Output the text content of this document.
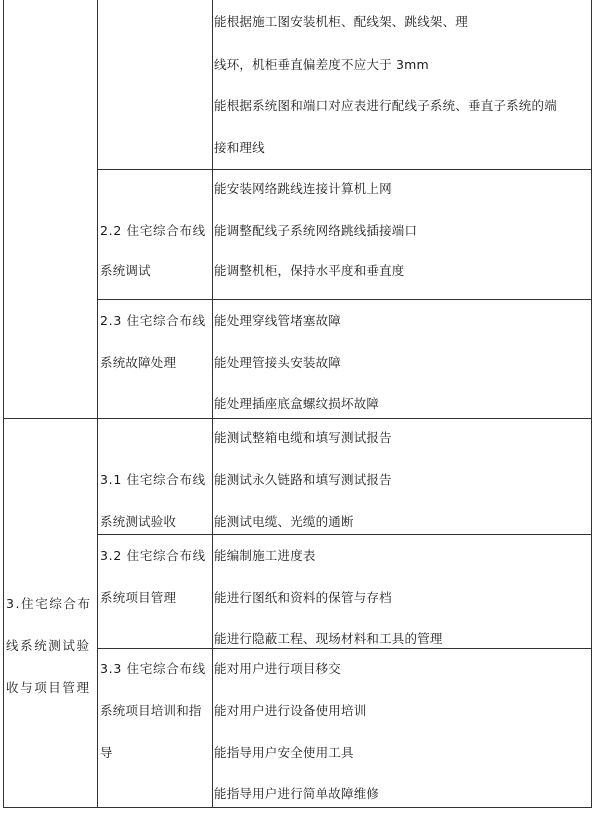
能根据施工图安装机柜、配线架、跳线架、理
线环，机柜垂直偏差度不应大于 3mm
能根据系统图和端口对应表进行配线子系统、垂直子系统的端
接和理线
2.2 住宅综合布线
系统调试
能安装网络跳线连接计算机上网
能调整配线子系统网络跳线插接端口
能调整机柜，保持水平度和垂直度
2.3 住宅综合布线
系统故障处理
能处理穿线管堵塞故障
能处理管接头安装故障
能处理插座底盒螺纹损坏故障
3.住宅综合布
线系统测试验
收与项目管理
3.1 住宅综合布线
系统测试验收
能测试整箱电缆和填写测试报告
能测试永久链路和填写测试报告
能测试电缆、光缆的通断
3.2 住宅综合布线
系统项目管理
能编制施工进度表
能进行图纸和资料的保管与存档
能进行隐蔽工程、现场材料和工具的管理
3.3 住宅综合布线
系统项目培训和指
导
能对用户进行项目移交
能对用户进行设备使用培训
能指导用户安全使用工具
能指导用户进行简单故障维修
